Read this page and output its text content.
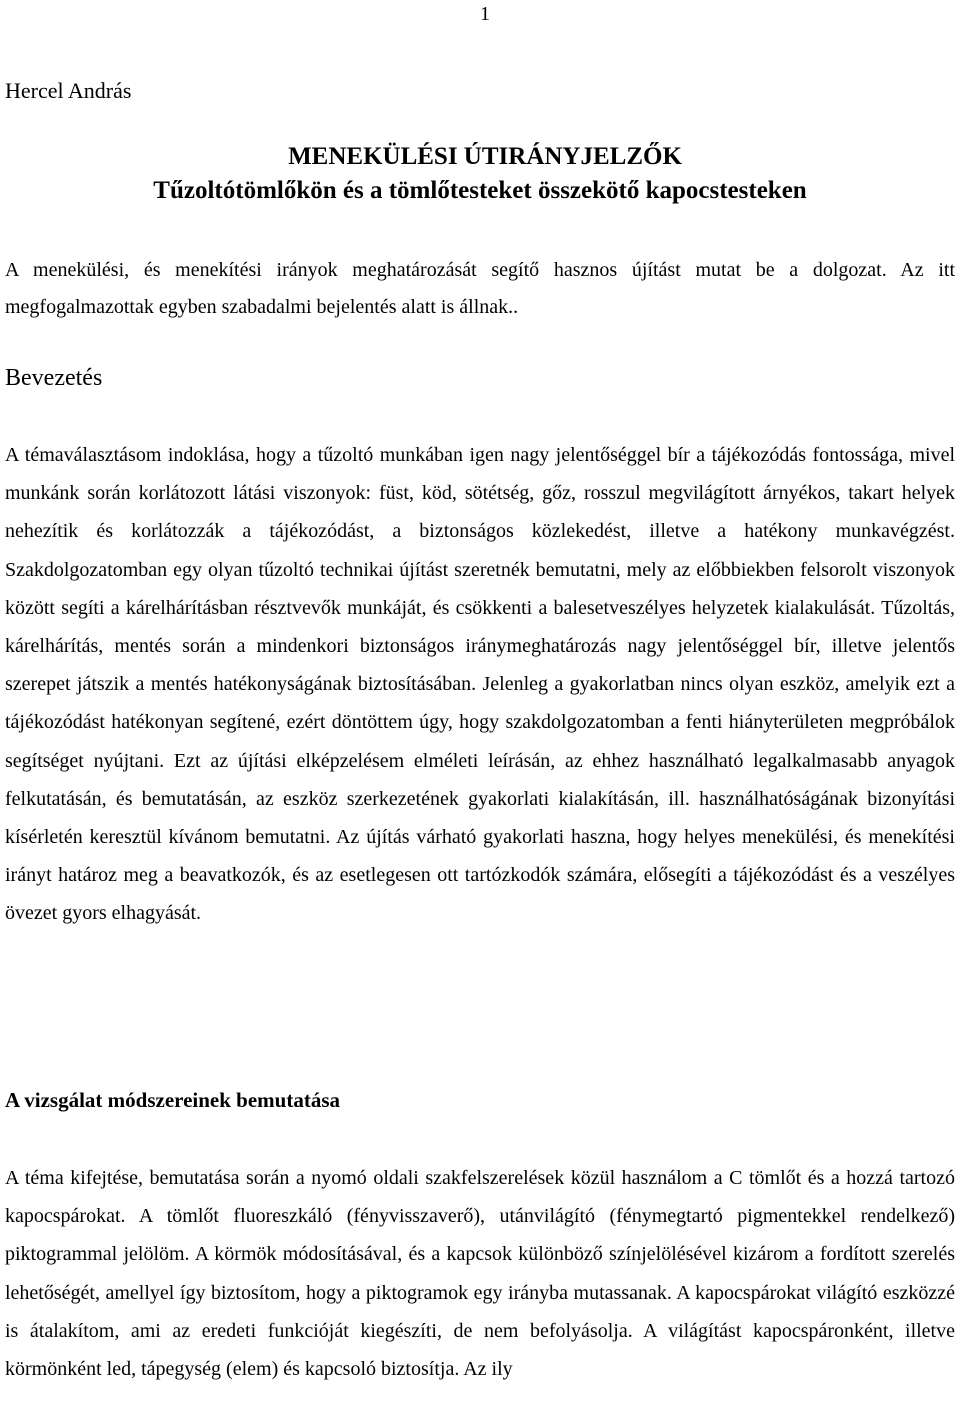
1
Hercel András
MENEKÜLÉSI ÚTIRÁNYJELZŐK
Tűzoltótömlőkön és a tömlőtesteket összekötő kapocstesteken

A menekülési, és menekítési irányok meghatározását segítő hasznos újítást mutat be a dolgozat. Az itt megfogalmazottak egyben szabadalmi bejelentés alatt is állnak..

Bevezetés

A témaválasztásom indoklása, hogy a tűzoltó munkában igen nagy jelentőséggel bír a tájékozódás fontossága, mivel munkánk során korlátozott látási viszonyok: füst, köd, sötétség, gőz, rosszul megvilágított árnyékos, takart helyek nehezítik és korlátozzák a tájékozódást, a biztonságos közlekedést, illetve a hatékony munkavégzést. Szakdolgozatomban egy olyan tűzoltó technikai újítást szeretnék bemutatni, mely az előbbiekben felsorolt viszonyok között segíti a kárelhárításban résztvevők munkáját, és csökkenti a balesetveszélyes helyzetek kialakulását. Tűzoltás, kárelhárítás, mentés során a mindenkori biztonságos iránymeghatározás nagy jelentőséggel bír, illetve jelentős szerepet játszik a mentés hatékonyságának biztosításában. Jelenleg a gyakorlatban nincs olyan eszköz, amelyik ezt a tájékozódást hatékonyan segítené, ezért döntöttem úgy, hogy szakdolgozatomban a fenti hiányterületen megpróbálok segítséget nyújtani. Ezt az újítási elképzelésem elméleti leírásán, az ehhez használható legalkalmasabb anyagok felkutatásán, és bemutatásán, az eszköz szerkezetének gyakorlati kialakításán, ill. használhatóságának bizonyítási kísérletén keresztül kívánom bemutatni. Az újítás várható gyakorlati haszna, hogy helyes menekülési, és menekítési irányt határoz meg a beavatkozók, és az esetlegesen ott tartózkodók számára, elősegíti a tájékozódást és a veszélyes övezet gyors elhagyását.

A vizsgálat módszereinek bemutatása

A téma kifejtése, bemutatása során a nyomó oldali szakfelszerelések közül használom a C tömlőt és a hozzá tartozó kapocspárokat. A tömlőt fluoreszkáló (fényvisszaverő), utánvilágító (fénymegtartó pigmentekkel rendelkező) piktogrammal jelölöm. A körmök módosításával, és a kapcsok különböző színjelölésével kizárom a fordított szerelés lehetőségét, amellyel így biztosítom, hogy a piktogramok egy irányba mutassanak. A kapocspárokat világító eszközzé is átalakítom, ami az eredeti funkcióját kiegészíti, de nem befolyásolja. A világítást kapocspáronként, illetve körmönként led, tápegység (elem) és kapcsoló biztosítja. Az ily
